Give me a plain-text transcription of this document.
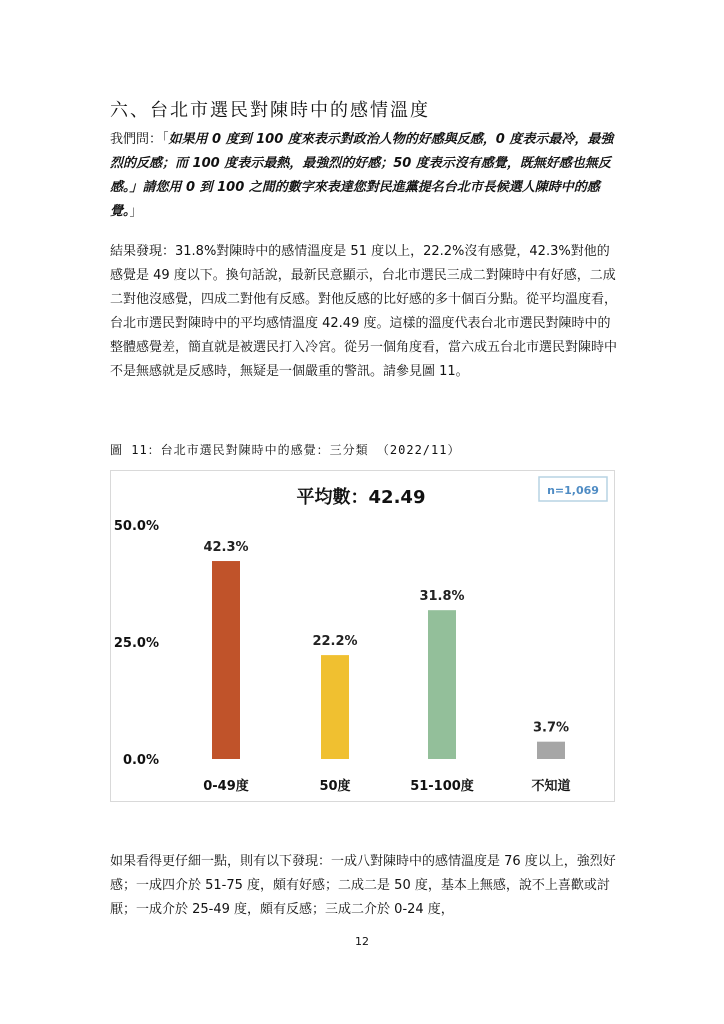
六、台北市選民對陳時中的感情溫度

我們問：「如果用 0 度到 100 度來表示對政治人物的好感與反感，0 度表示最冷，最強烈的反感；而 100 度表示最熱，最強烈的好感；50 度表示沒有感覺，既無好感也無反感。」請您用 0 到 100 之間的數字來表達您對民進黨提名台北市長候選人陳時中的感覺。」

結果發現：31.8%對陳時中的感情溫度是 51 度以上，22.2%沒有感覺，42.3%對他的感覺是 49 度以下。換句話說，最新民意顯示，台北市選民三成二對陳時中有好感，二成二對他沒感覺，四成二對他有反感。對他反感的比好感的多十個百分點。從平均溫度看，台北市選民對陳時中的平均感情溫度 42.49 度。這樣的溫度代表台北市選民對陳時中的整體感覺差，簡直就是被選民打入冷宮。從另一個角度看，當六成五台北市選民對陳時中不是無感就是反感時，無疑是一個嚴重的警訊。請參見圖 11。

圖 11：台北市選民對陳時中的感覺：三分類 （2022/11）

平均數：42.49	n=1,069
0.0%
25.0%
50.0%
42.3%
22.2%
31.8%
3.7%
0-49度	50度	51-100度	不知道

如果看得更仔細一點，則有以下發現：一成八對陳時中的感情溫度是 76 度以上，強烈好感；一成四介於 51-75 度，頗有好感；二成二是 50 度，基本上無感，說不上喜歡或討厭；一成介於 25-49 度，頗有反感；三成二介於 0-24 度，

12
